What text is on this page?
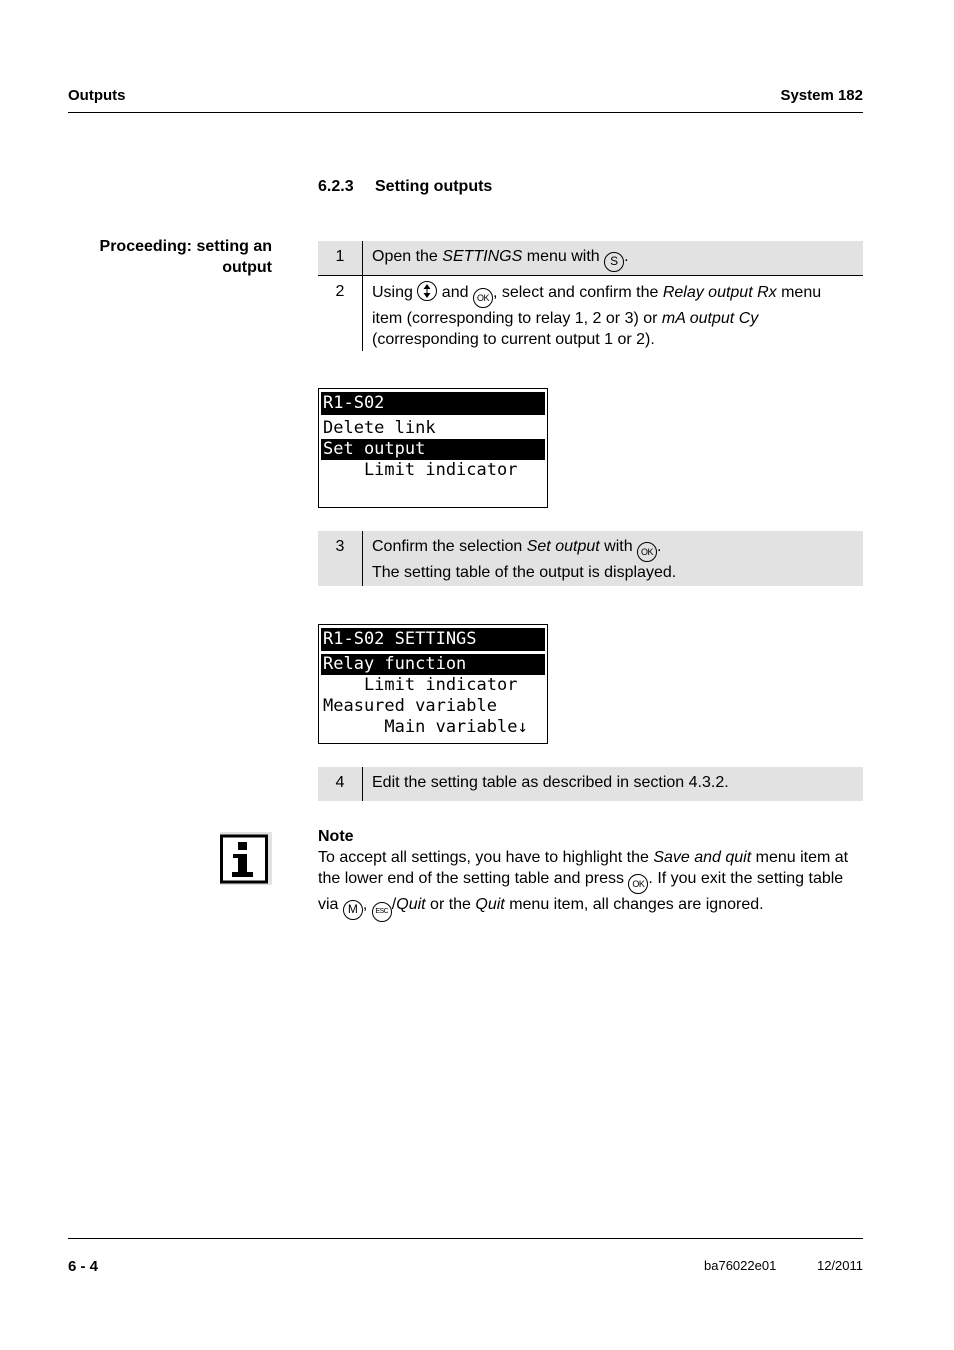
Outputs	System 182
6.2.3 Setting outputs
Proceeding: setting an
output
1	Open the SETTINGS menu with S .
2	Using
and OK , select and confirm the Relay output Rx menu item (corresponding to relay 1, 2 or 3) or mA output Cy (corresponding to current output 1 or 2).
R1-S02
Delete link
Set output
Limit indicator
3	Confirm the selection Set output with OK .
The setting table of the output is displayed.
R1-S02 SETTINGS
Relay function
Limit indicator
Measured variable
Main variable↓
4	Edit the setting table as described in section 4.3.2.
Note
To accept all settings, you have to highlight the Save and quit menu item at the lower end of the setting table and press OK . If you exit the setting table via M , ESC /Quit or the Quit menu item, all changes are ignored.
6 - 4	ba76022e01	12/2011
